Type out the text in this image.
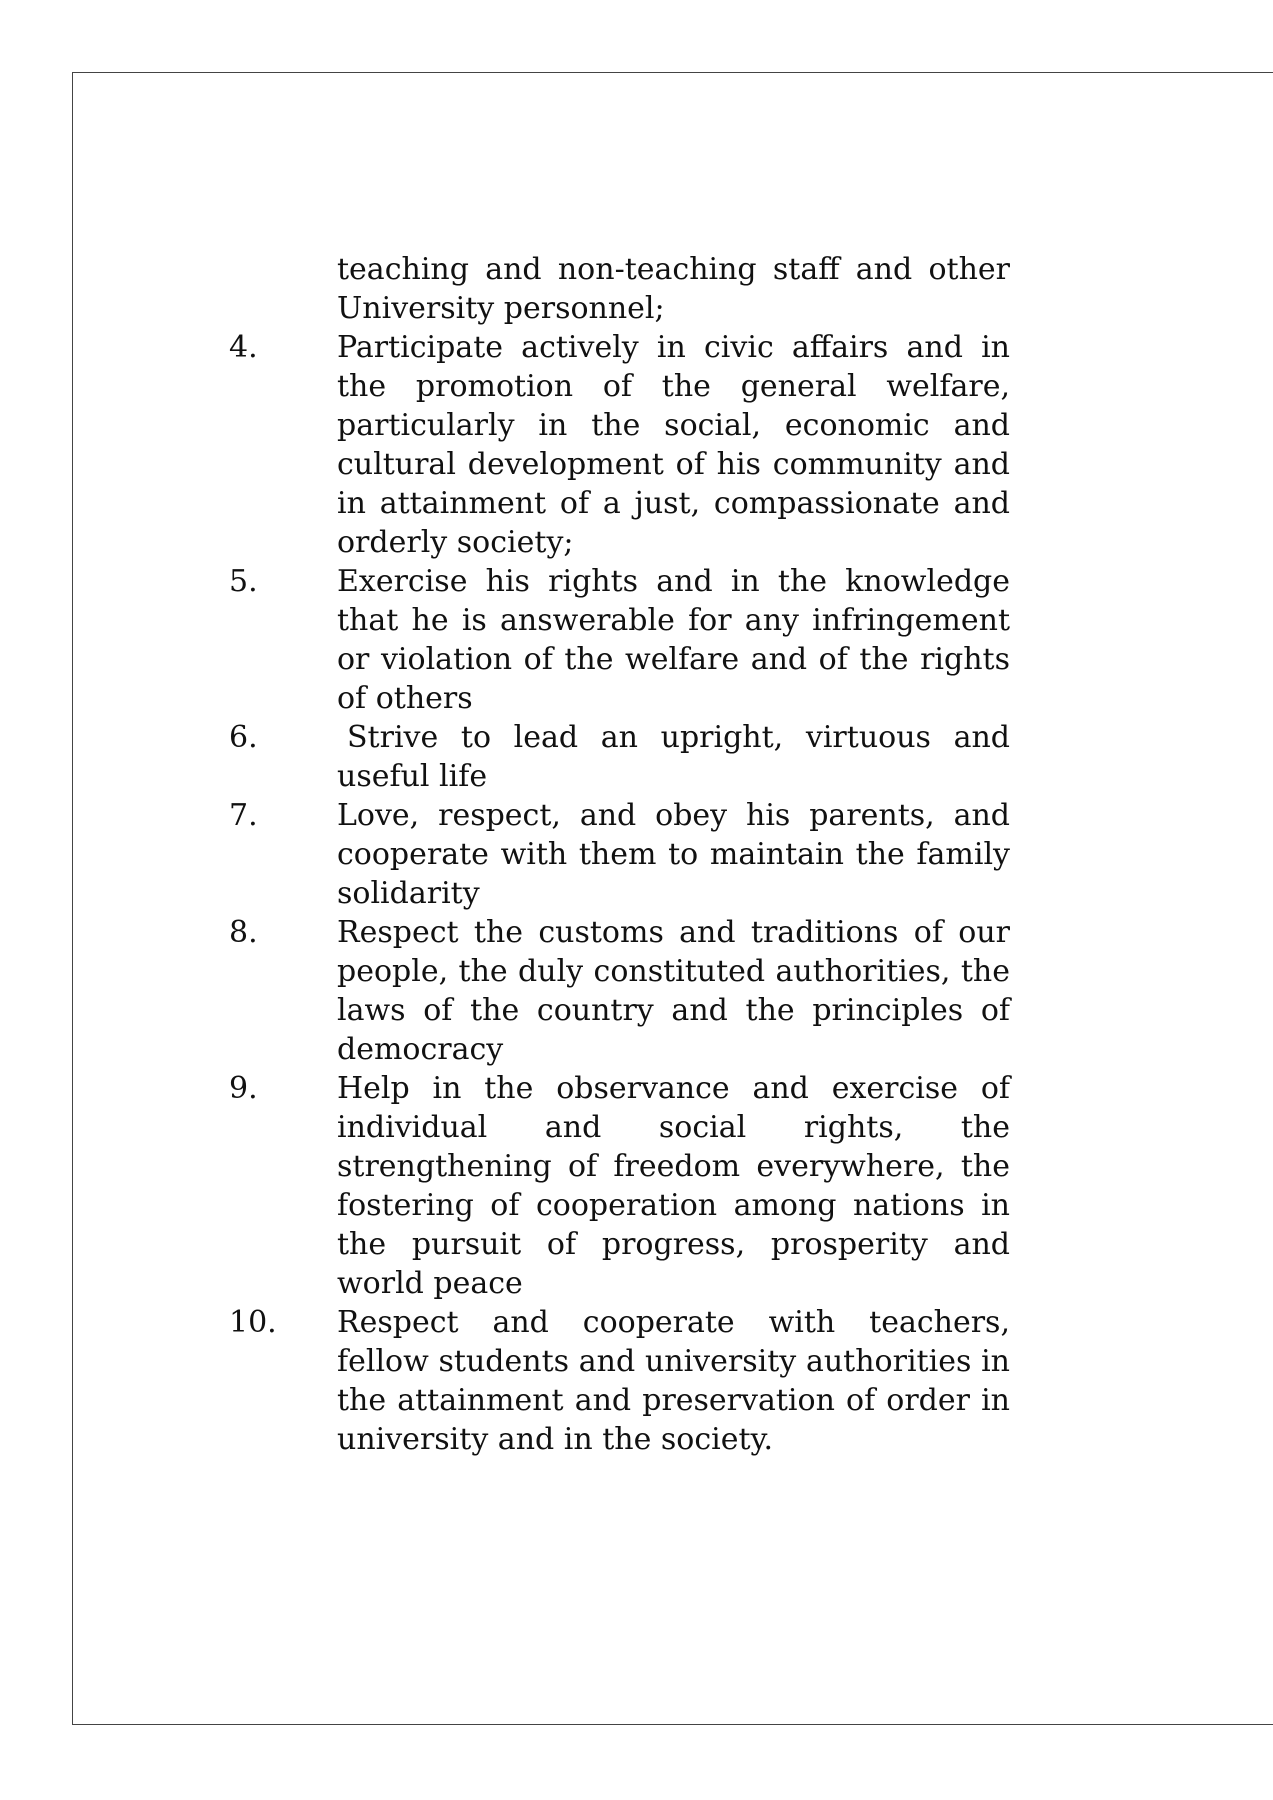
teaching and non-teaching staff and other University personnel;
4.	Participate actively in civic affairs and in the promotion of the general welfare, particularly in the social, economic and cultural development of his community and in attainment of a just, compassionate and orderly society;
5.	Exercise his rights and in the knowledge that he is answerable for any infringement or violation of the welfare and of the rights of others
6.	Strive to lead an upright, virtuous and useful life
7.	Love, respect, and obey his parents, and cooperate with them to maintain the family solidarity
8.	Respect the customs and traditions of our people, the duly constituted authorities, the laws of the country and the principles of democracy
9.	Help in the observance and exercise of individual and social rights, the strengthening of freedom everywhere, the fostering of cooperation among nations in the pursuit of progress, prosperity and world peace
10. Respect and cooperate with teachers, fellow students and university authorities in the attainment and preservation of order in university and in the society.
